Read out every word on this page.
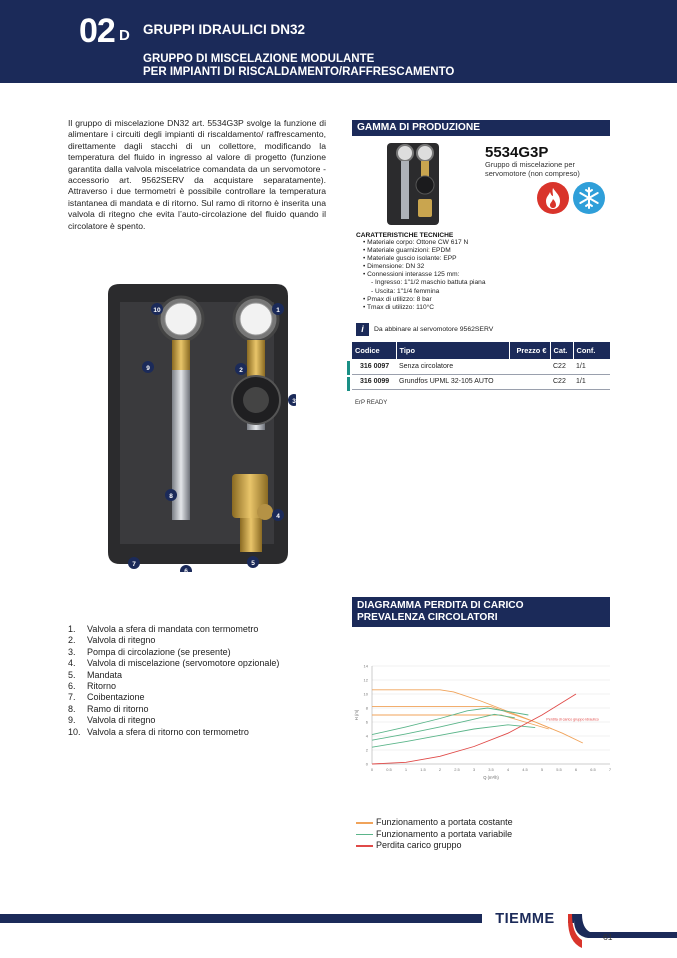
02 D GRUPPI IDRAULICI DN32
GRUPPO DI MISCELAZIONE MODULANTE
PER IMPIANTI DI RISCALDAMENTO/RAFFRESCAMENTO

Il gruppo di miscelazione DN32 art. 5534G3P svolge la funzione di alimentare i circuiti degli impianti di riscaldamento/ raffrescamento, direttamente dagli stacchi di un collettore, modificando la temperatura del fluido in ingresso al valore di progetto (funzione garantita dalla valvola miscelatrice comandata da un servomotore - accessorio art. 9562SERV da acquistare separatamente). Attraverso i due termometri è possibile controllare la temperatura istantanea di mandata e di ritorno. Sul ramo di ritorno è inserita una valvola di ritegno che evita l’auto-circolazione del fluido quando il circolatore è spento.

10	1
9	2
3
8
4
7	5
6
1. Valvola a sfera di mandata con termometro
2. Valvola di ritegno
3. Pompa di circolazione (se presente)
4. Valvola di miscelazione (servomotore opzionale)
5. Mandata
6. Ritorno
7. Coibentazione
8. Ramo di ritorno
9. Valvola di ritegno
10. Valvola a sfera di ritorno con termometro
GAMMA DI PRODUZIONE
5534G3P
Gruppo di miscelazione per servomotore (non compreso)
CARATTERISTICHE TECNICHE
• Materiale corpo: Ottone CW 617 N
• Materiale guarnizioni: EPDM
• Materiale guscio isolante: EPP
• Dimensione: DN 32
• Connessioni interasse 125 mm:
- Ingresso: 1"1/2 maschio battuta piana
- Uscita: 1"1/4 femmina
• Pmax di utilizzo: 8 bar
• Tmax di utilizzo: 110°C
i	Da abbinare al servomotore 9562SERV
Codice	Tipo	Prezzo €	Cat.	Conf.
316 0097	Senza circolatore		C22	1/1
316 0099	Grundfos UPML 32-105 AUTO		C22	1/1
ErP READY
DIAGRAMMA PERDITA DI CARICO
PREVALENZA CIRCOLATORI
0
2
4
6
8
10
12
14
0	0.5	1	1.5	2	2.5	3	3.5	4	4.5	5	5.5	6	6.5	7
Q (m³/h)
H (m)	Perdita di carico gruppo idraulico
Funzionamento a portata costante
Funzionamento a portata variabile
Perdita carico gruppo
TIEMME
61
